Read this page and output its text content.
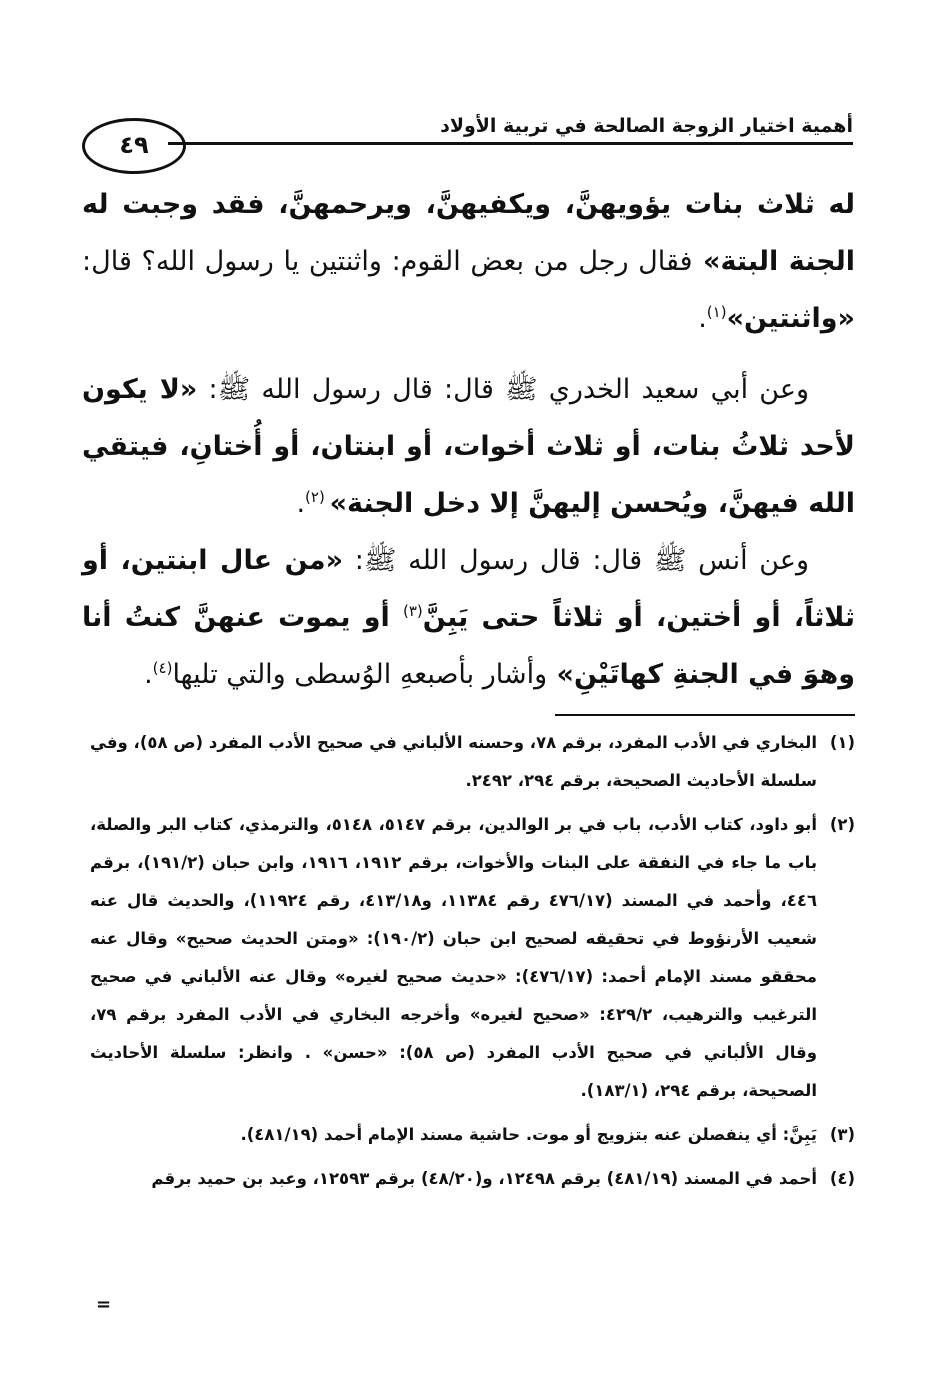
أهمية اختيار الزوجة الصالحة في تربية الأولاد
٤٩

له ثلاث بنات يؤويهنَّ، ويكفيهنَّ، ويرحمهنَّ، فقد وجبت له الجنة البتة» فقال رجل من بعض القوم: واثنتين يا رسول الله؟ قال: «واثنتين»$^{(١)}$.

وعن أبي سعيد الخدري ﷺ قال: قال رسول الله ﷺ: «لا يكون لأحد ثلاثُ بنات، أو ثلاث أخوات، أو ابنتان، أو أُختانِ، فيتقي الله فيهنَّ، ويُحسن إليهنَّ إلا دخل الجنة» $^{(٢)}$.

وعن أنس ﷺ قال: قال رسول الله ﷺ: «من عال ابنتين، أو ثلاثاً، أو أختين، أو ثلاثاً حتى يَبِنَّ$^{(٣)}$ أو يموت عنهنَّ كنتُ أنا وهوَ في الجنةِ كهاتَيْنِ» وأشار بأصبعهِ الوُسطى والتي تليها$^{(٤)}$.

(١)البخاري في الأدب المفرد، برقم ٧٨، وحسنه الألباني في صحيح الأدب المفرد (ص ٥٨)، وفي سلسلة الأحاديث الصحيحة، برقم ٢٩٤، ٢٤٩٢.

(٢)أبو داود، كتاب الأدب، باب في بر الوالدين، برقم ٥١٤٧، ٥١٤٨، والترمذي، كتاب البر والصلة، باب ما جاء في النفقة على البنات والأخوات، برقم ١٩١٢، ١٩١٦، وابن حبان (١٩١/٢)، برقم ٤٤٦، وأحمد في المسند (٤٧٦/١٧ رقم ١١٣٨٤، و٤١٣/١٨، رقم ١١٩٢٤)، والحديث قال عنه شعيب الأرنؤوط في تحقيقه لصحيح ابن حبان (١٩٠/٢): «ومتن الحديث صحيح» وقال عنه محققو مسند الإمام أحمد: (٤٧٦/١٧): «حديث صحيح لغيره» وقال عنه الألباني في صحيح الترغيب والترهيب، ٤٢٩/٢: «صحيح لغيره» وأخرجه البخاري في الأدب المفرد برقم ٧٩، وقال الألباني في صحيح الأدب المفرد (ص ٥٨): «حسن» . وانظر: سلسلة الأحاديث الصحيحة، برقم ٢٩٤، (١٨٣/١).

(٣)يَبِنَّ: أي ينفصلن عنه بتزويج أو موت. حاشية مسند الإمام أحمد (٤٨١/١٩).

(٤)أحمد في المسند (٤٨١/١٩) برقم ١٢٤٩٨، و(٤٨/٢٠) برقم ١٢٥٩٣، وعبد بن حميد برقم

=
